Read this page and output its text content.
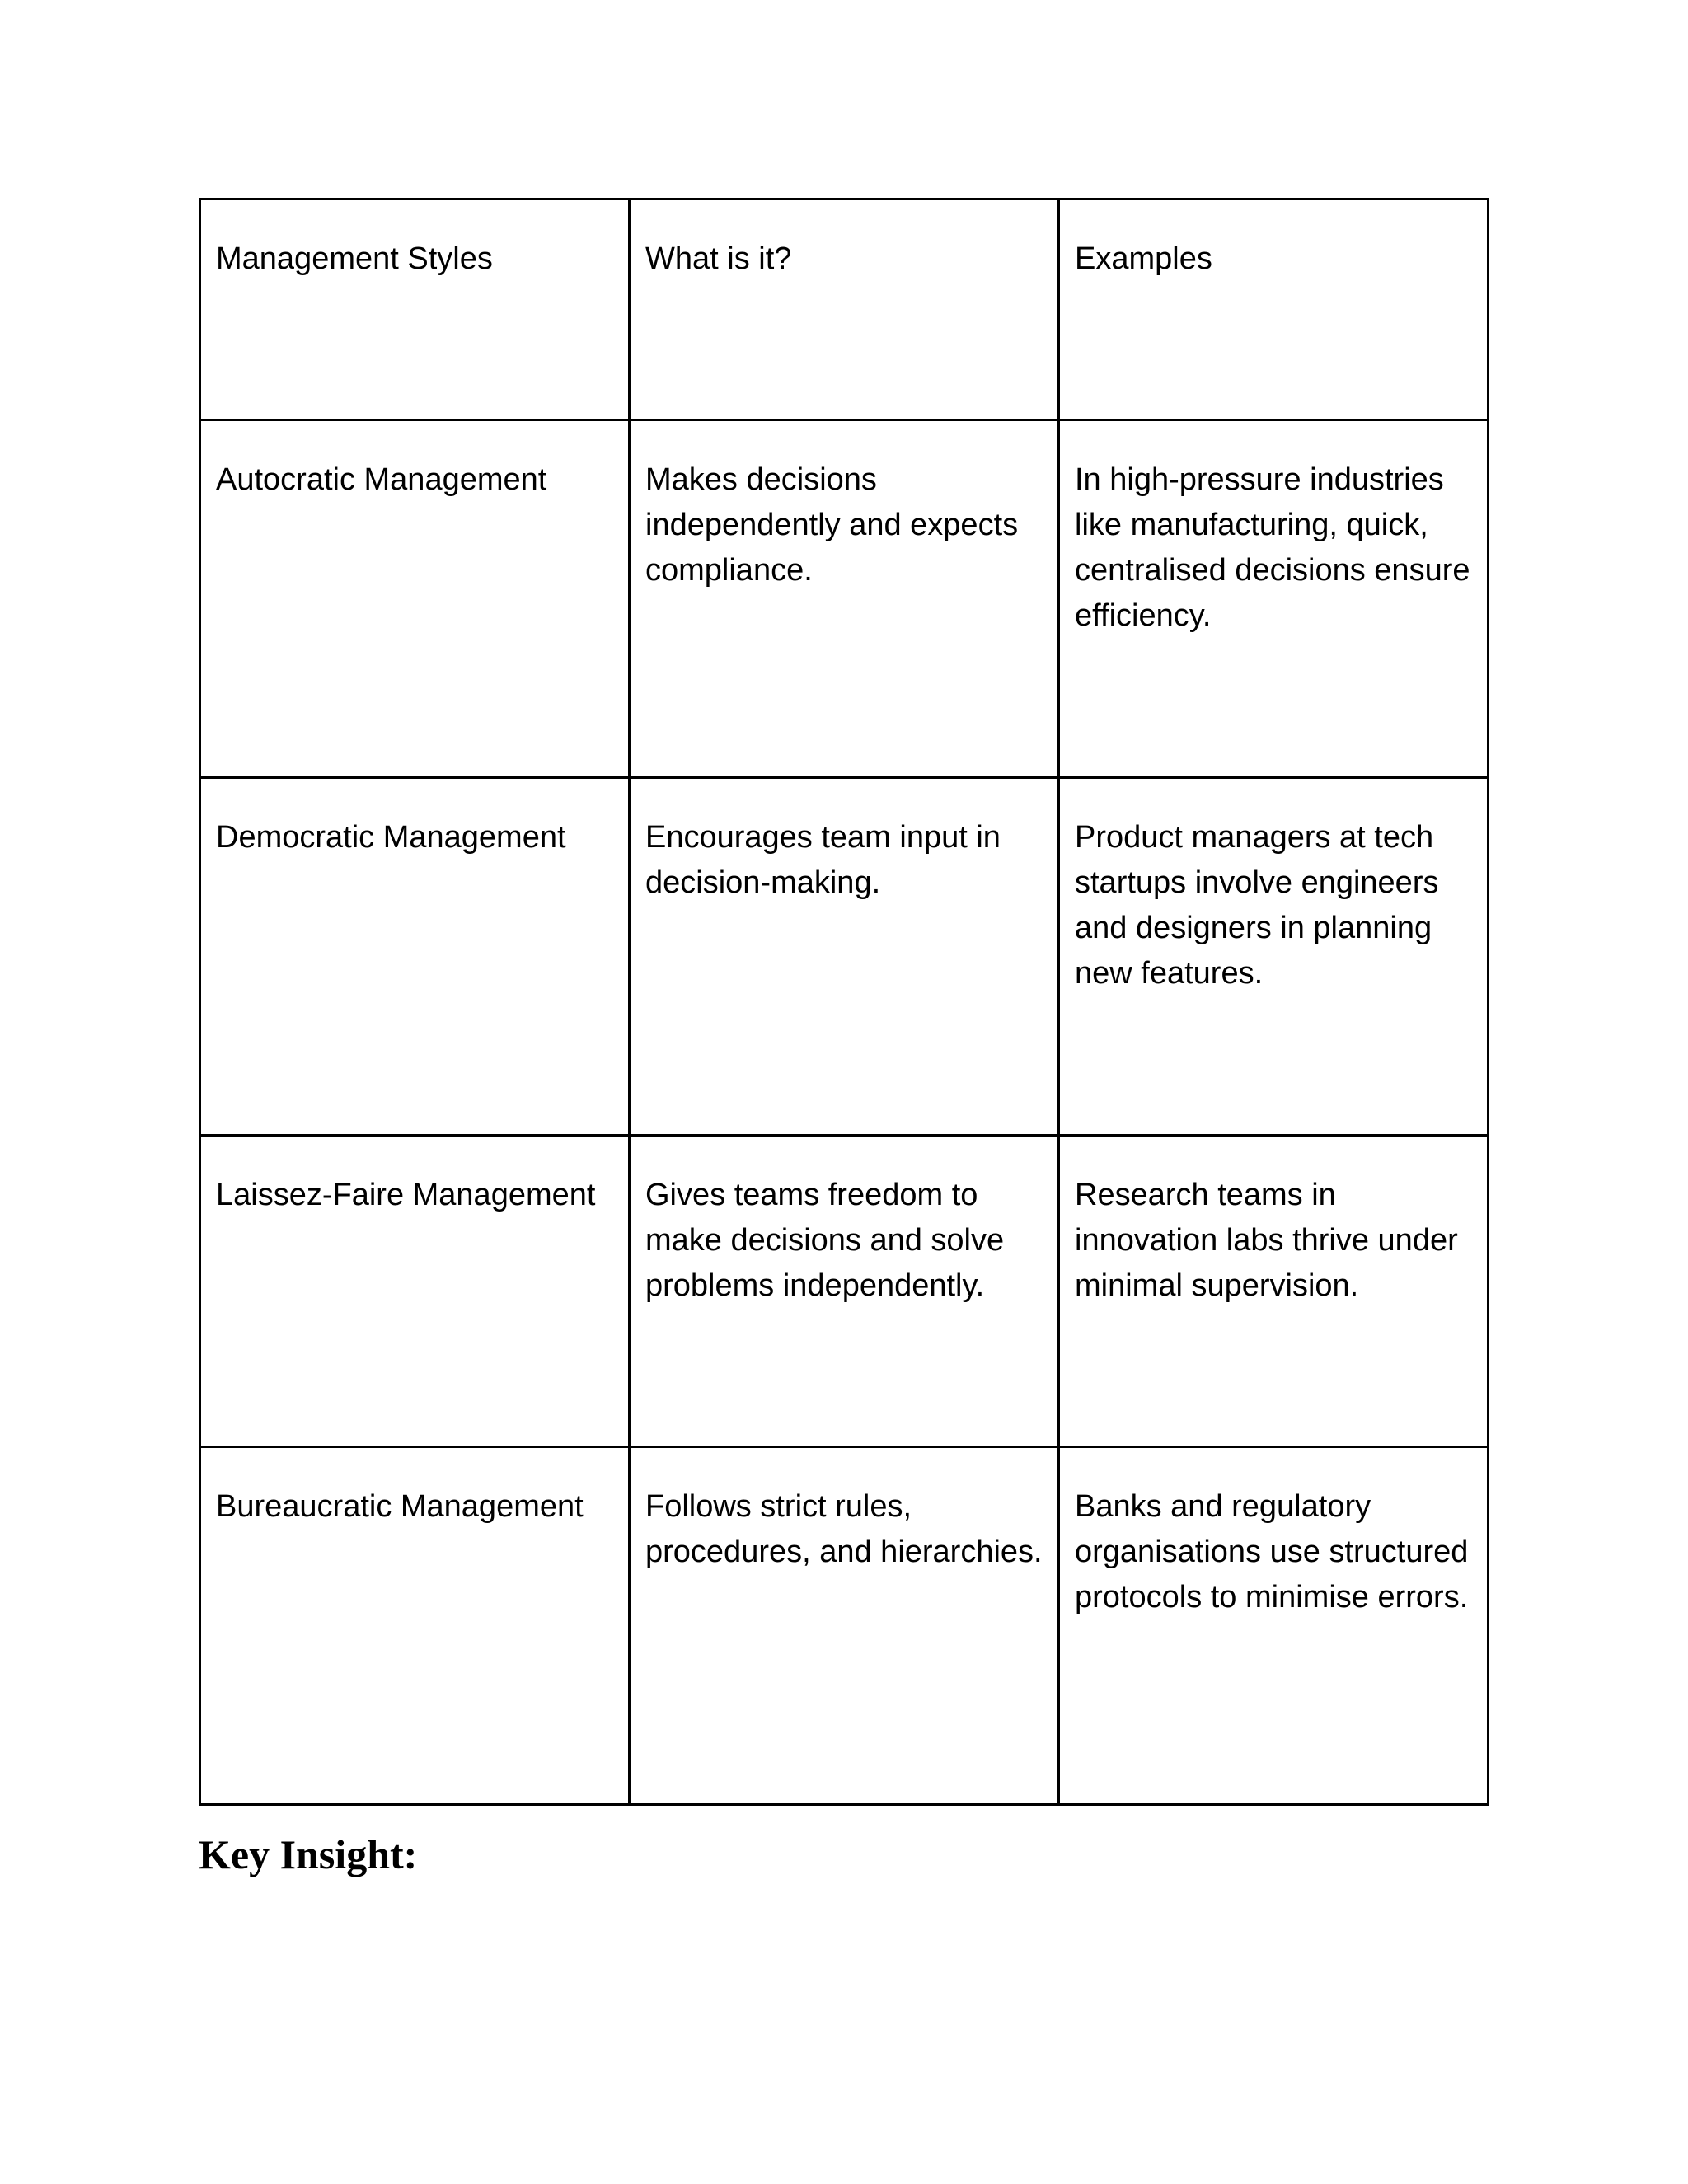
Management Styles	What is it?	Examples
Autocratic Management	Makes decisions independently and expects compliance.	In high-pressure industries like manufacturing, quick, centralised decisions ensure efficiency.
Democratic Management	Encourages team input in decision-making.	Product managers at tech startups involve engineers and designers in planning new features.
Laissez-Faire Management	Gives teams freedom to make decisions and solve problems independently.	Research teams in innovation labs thrive under minimal supervision.
Bureaucratic Management	Follows strict rules, procedures, and hierarchies.	Banks and regulatory organisations use structured protocols to minimise errors.
Key Insight:
